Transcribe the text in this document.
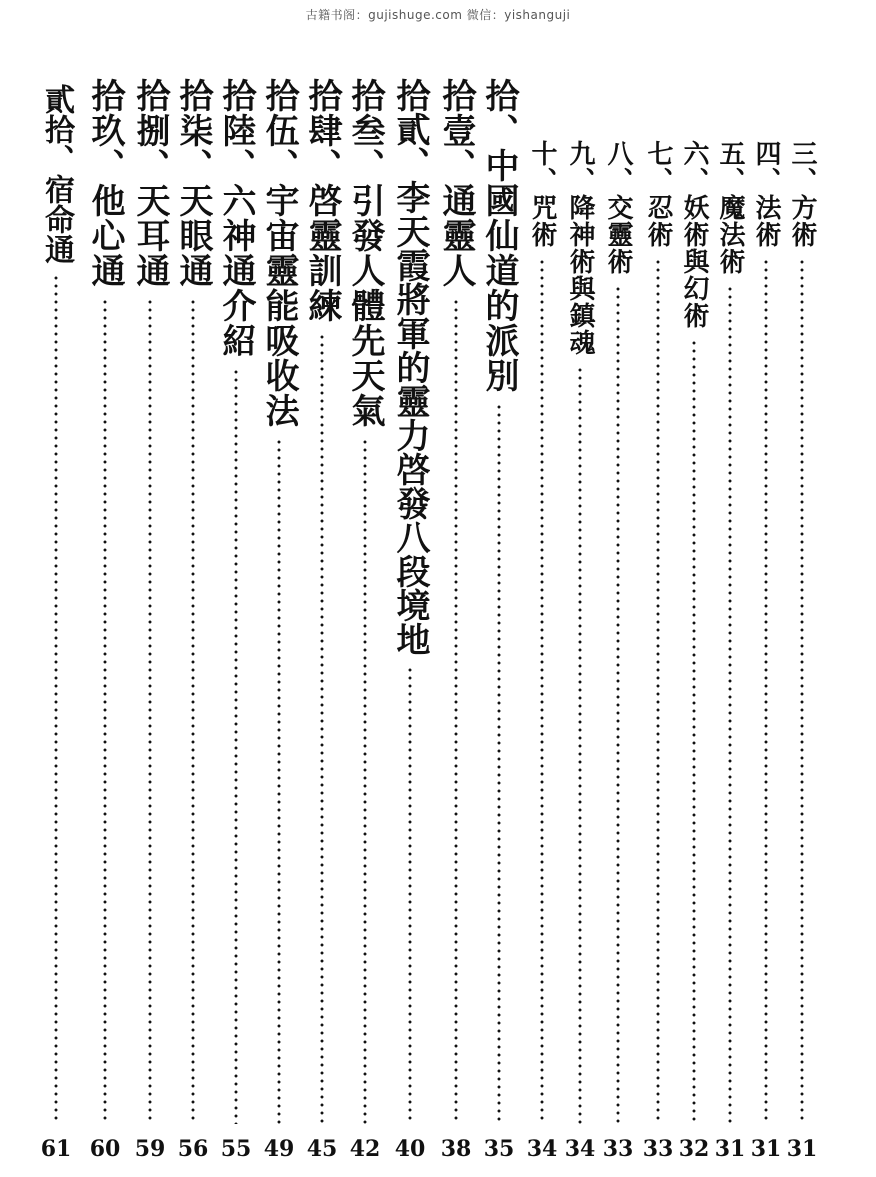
古籍书阁：gujishuge.com 微信：yishanguji
三、方術
31
四、法術
31
五、魔法術
31
六、妖術與幻術
32
七、忍術
33
八、交靈術
33
九、降神術與鎮魂
34
十、咒術
34
拾、中國仙道的派別
35
拾壹、通靈人
38
拾貳、李天霞將軍的靈力啓發八段境地
40
拾叁、引發人體先天氣
42
拾肆、啓靈訓練
45
拾伍、宇宙靈能吸收法
49
拾陸、六神通介紹
55
拾柒、天眼通
56
拾捌、天耳通
59
拾玖、他心通
60
貳拾、宿命通
61
